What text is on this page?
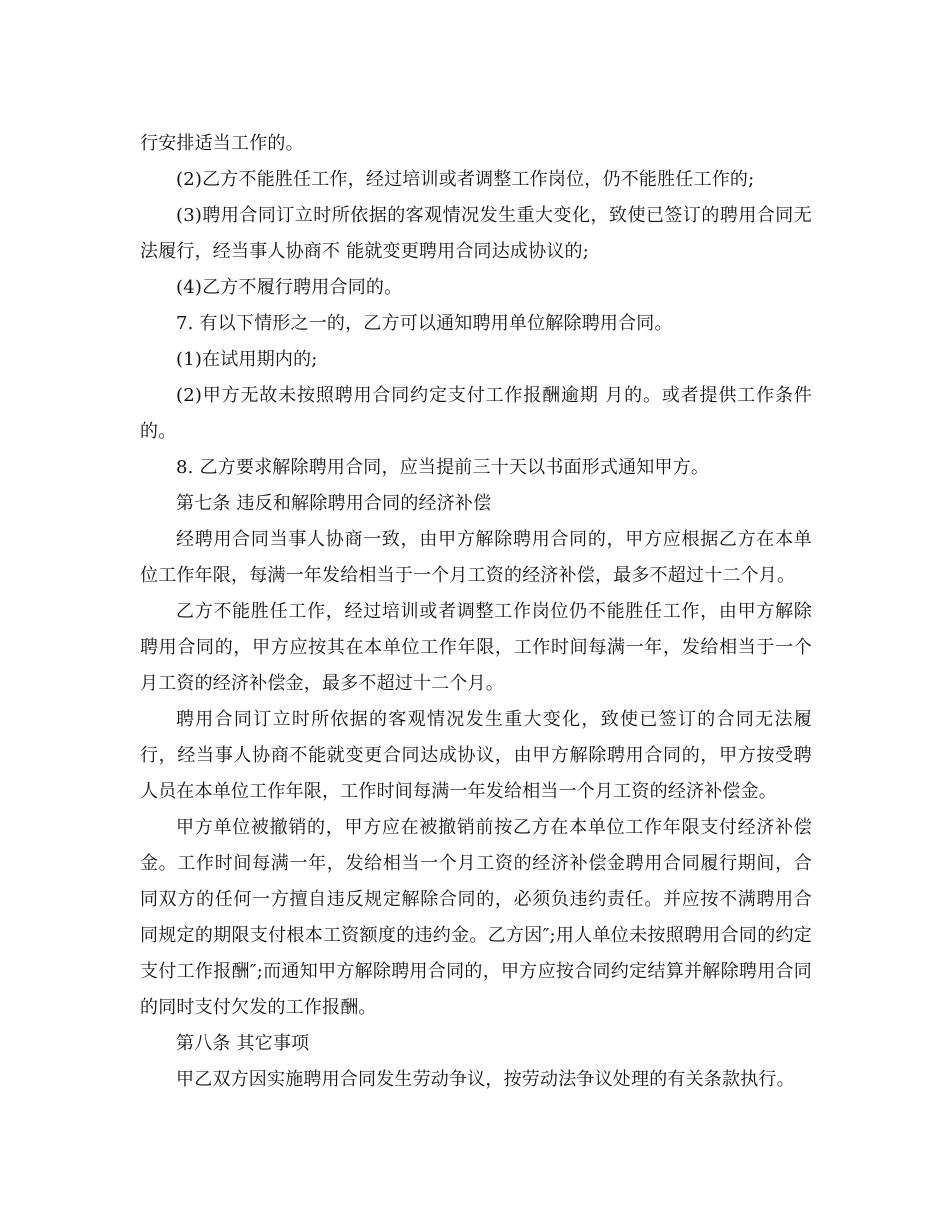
行安排适当工作的。

(2)乙方不能胜任工作，经过培训或者调整工作岗位，仍不能胜任工作的;

(3)聘用合同订立时所依据的客观情况发生重大变化，致使已签订的聘用合同无法履行，经当事人协商不 能就变更聘用合同达成协议的;

(4)乙方不履行聘用合同的。

7. 有以下情形之一的，乙方可以通知聘用单位解除聘用合同。

(1)在试用期内的;

(2)甲方无故未按照聘用合同约定支付工作报酬逾期 月的。或者提供工作条件的。

8. 乙方要求解除聘用合同，应当提前三十天以书面形式通知甲方。

第七条 违反和解除聘用合同的经济补偿

经聘用合同当事人协商一致，由甲方解除聘用合同的，甲方应根据乙方在本单位工作年限，每满一年发给相当于一个月工资的经济补偿，最多不超过十二个月。

乙方不能胜任工作，经过培训或者调整工作岗位仍不能胜任工作，由甲方解除聘用合同的，甲方应按其在本单位工作年限，工作时间每满一年，发给相当于一个月工资的经济补偿金，最多不超过十二个月。

聘用合同订立时所依据的客观情况发生重大变化，致使已签订的合同无法履行，经当事人协商不能就变更合同达成协议，由甲方解除聘用合同的，甲方按受聘人员在本单位工作年限，工作时间每满一年发给相当一个月工资的经济补偿金。

甲方单位被撤销的，甲方应在被撤销前按乙方在本单位工作年限支付经济补偿金。工作时间每满一年，发给相当一个月工资的经济补偿金聘用合同履行期间，合同双方的任何一方擅自违反规定解除合同的，必须负违约责任。并应按不满聘用合同规定的期限支付根本工资额度的违约金。乙方因″;用人单位未按照聘用合同的约定支付工作报酬″;而通知甲方解除聘用合同的，甲方应按合同约定结算并解除聘用合同的同时支付欠发的工作报酬。

第八条 其它事项

甲乙双方因实施聘用合同发生劳动争议，按劳动法争议处理的有关条款执行。
